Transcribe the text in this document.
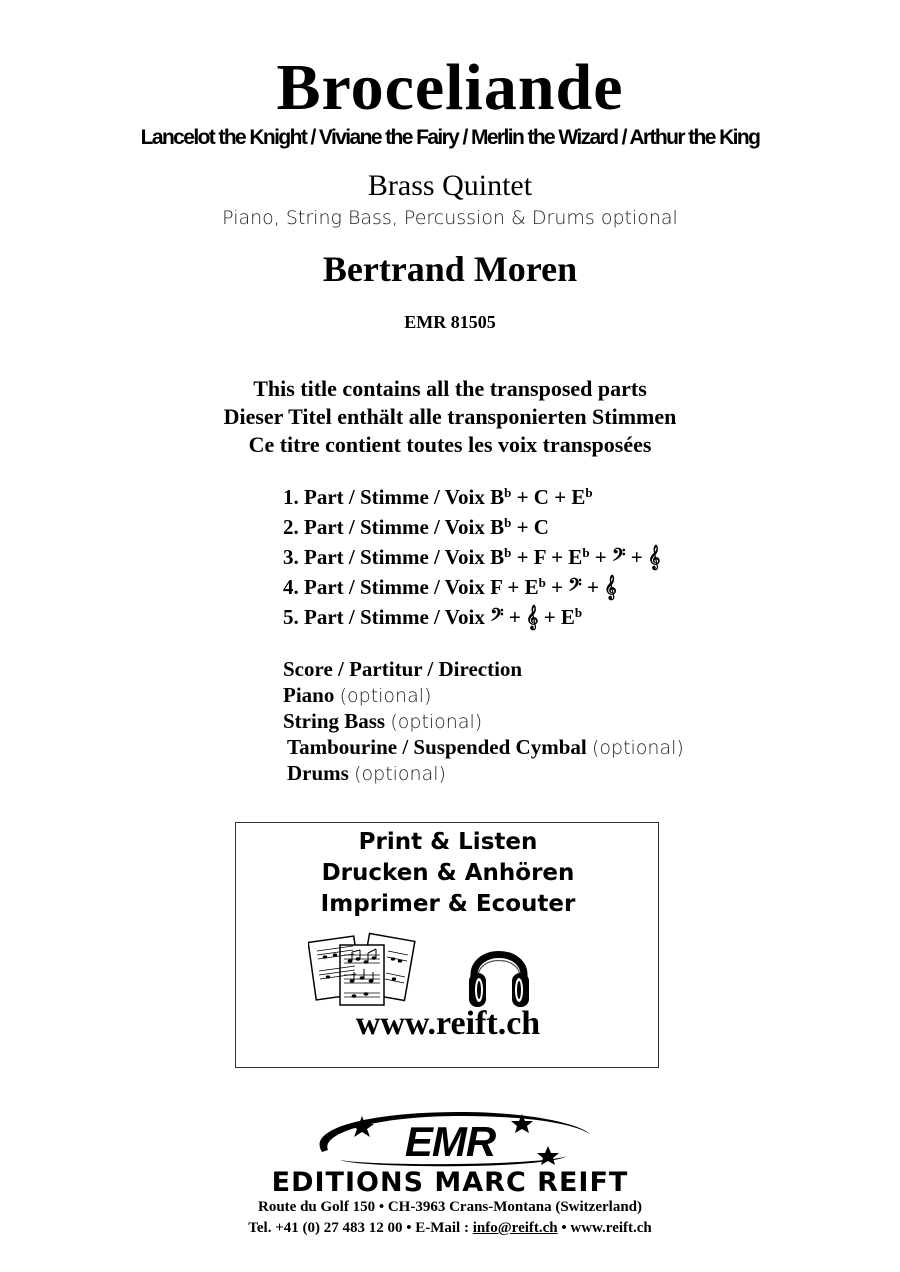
Broceliande
Lancelot the Knight / Viviane the Fairy / Merlin the Wizard / Arthur the King
Brass Quintet
Piano, String Bass, Percussion & Drums optional
Bertrand Moren
EMR 81505
This title contains all the transposed parts
Dieser Titel enthält alle transponierten Stimmen
Ce titre contient toutes les voix transposées
1. Part / Stimme / Voix $B^b + C + E^b$
2. Part / Stimme / Voix $B^b + C$
3. Part / Stimme / Voix $B^b + F + E^b$ + 𝄢 + 𝄞
4. Part / Stimme / Voix $F + E^b$ + 𝄢 + 𝄞
5. Part / Stimme / Voix 𝄢 + 𝄞 + $E^b$
Score / Partitur / Direction
Piano (optional)
String Bass (optional)
Tambourine / Suspended Cymbal (optional)
Drums (optional)
Print & Listen
Drucken & Anhören
Imprimer & Ecouter
www.reift.ch
EMR
EDITIONS MARC REIFT
Route du Golf 150 • CH-3963 Crans-Montana (Switzerland)
Tel. +41 (0) 27 483 12 00 • E-Mail : info@reift.ch • www.reift.ch
